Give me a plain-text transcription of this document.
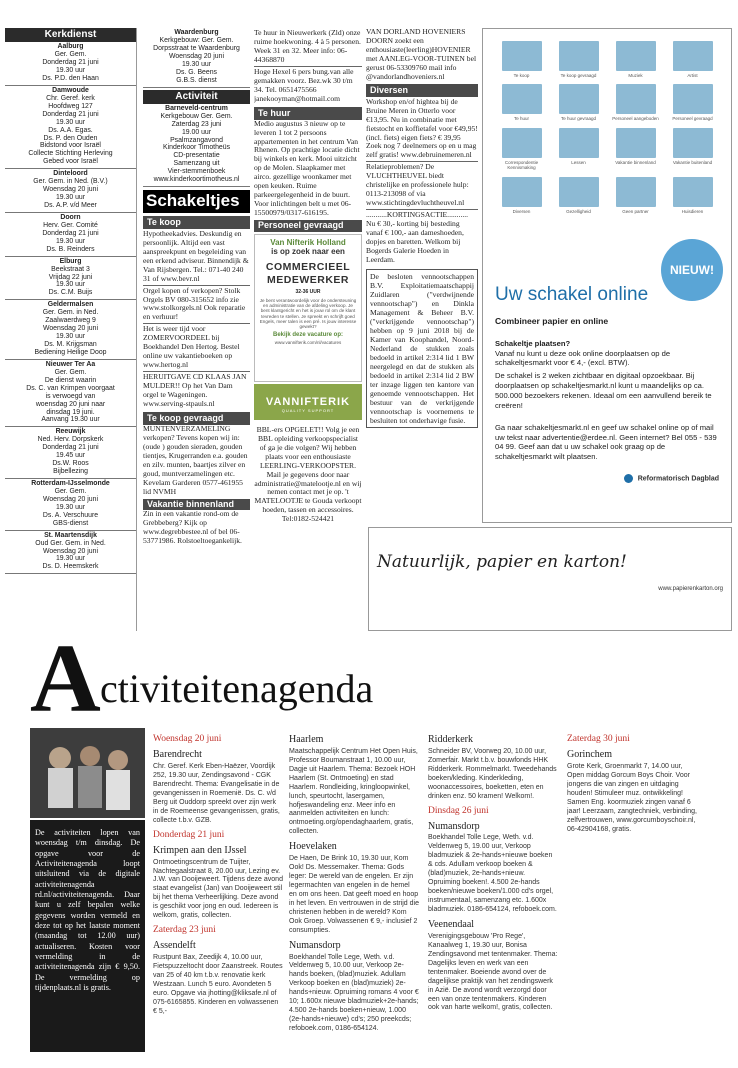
Kerkdienst
Aalburg
Ger. Gem.
Donderdag 21 juni
19.30 uur
Ds. P.D. den Haan
Damwoude
Chr. Geref. kerk
Hoofdweg 127
Donderdag 21 juni
19.30 uur
Ds. A.A. Egas.
Ds. P. den Ouden
Bidstond voor Israël
Collecte Stichting Herleving
Gebed voor Israël
Dinteloord
Ger. Gem. in Ned. (B.V.)
Woensdag 20 juni
19.30 uur
Ds. A.P. v/d Meer
Doorn
Herv. Ger. Comité
Donderdag 21 juni
19.30 uur
Ds. B. Reinders
Elburg
Beekstraat 3
Vrijdag 22 juni
19.30 uur
Ds. C.M. Buijs
Geldermalsen
Ger. Gem. in Ned.
Zaalwaerdweg 9
Woensdag 20 juni
19.30 uur
Ds. M. Krijgsman
Bediening Heilige Doop
Nieuwer Ter Aa
Ger. Gem.
De dienst waarin
Ds. C. van Krimpen voorgaat
is verwoegd van
woensdag 20 juni naar
dinsdag 19 juni.
Aanvang 19.30 uur
Reeuwijk
Ned. Herv. Dorpskerk
Donderdag 21 juni
19.45 uur
Ds.W. Roos
Bijbellezing
Rotterdam-IJsselmonde
Ger. Gem.
Woensdag 20 juni
19.30 uur
Ds. A. Verschuure
GBS-dienst
St. Maartensdijk
Oud Ger. Gem. in Ned.
Woensdag 20 juni
19.30 uur
Ds. D. Heemskerk
Waardenburg
Kerkgebouw: Ger. Gem.
Dorpsstraat te Waardenburg
Woensdag 20 juni
19.30 uur
Ds. G. Beens
G.B.S. dienst
Activiteit
Barneveld-centrum
Kerkgebouw Ger. Gem.
Zaterdag 23 juni
19.00 uur
Psalmzangavond
Kinderkoor Timotheüs
CD-presentatie
Samenzang uit
Vier-stemmenboek
www.kinderkoortimotheus.nl
Schakeltjes
Te koop
Hypotheekadvies. Deskundig en persoonlijk. Altijd een vast aanspreekpunt en begeleiding van een erkend adviseur. Binnendijk & Van Rijsbergen. Tel.: 071-40 240 31 of www.bevr.nl
Orgel kopen of verkopen? Stolk Orgels BV 080-315652 info zie www.stolkorgels.nl Ook reparatie en verhuur!
Het is weer tijd voor ZOMERVOORDEEL bij Boekhandel Den Hertog. Bestel online uw vakantieboeken op www.hertog.nl
HERUITGAVE CD KLAAS JAN MULDER!! Op het Van Dam orgel te Wageningen. www.serving-stpauls.nl
Te koop gevraagd
MUNTENVERZAMELING verkopen? Tevens kopen wij in: (oude ) gouden sieraden, gouden tientjes, Krugerranden e.a. gouden en zilv. munten, baartjes zilver en goud, muntverzamelingen etc. Kevelam Garderen 0577-461955 lid NVMH
Vakantie binnenland
Zin in een vakantie rond-om de Grebbeberg? Kijk op www.degrebbestee.nl of bel 06-53771986. Rolstoeltoegankelijk.
Te huur in Nieuwerkerk (Zld) onze ruime hoekwoning. 4 à 5 personen. Week 31 en 32. Meer info: 06-44368870
Hoge Hexel 6 pers bung.van alle gemakken voorz. Bez.wk 30 t/m 34. Tel. 0651475566 janekooyman@hotmail.com
Te huur
Medio augustus 3 nieuw op te leveren 1 tot 2 persoons appartementen in het centrum Van Rhenen. Op prachtige locatie dicht bij winkels en kerk. Mooi uitzicht op de Molen. Slaapkamer met airco. gezellige woonkamer met open keuken. Ruime parkeergelegenheid in de buurt. Voor inlichtingen belt u met 06-15500979/0317-616195.
Personeel gevraagd
Van Nifterik Holland
is op zoek naar een
COMMERCIEEL
MEDEWERKER
32-36 UUR
Je bent verantwoordelijk voor de ondersteuning en administratie van de afdeling verkoop. Je bent klantgericht en het is jouw rol om de klant tevreden te stellen. Je spreekt en schrijft goed Engels, meer talen is een pré. Is jouw interesse gewekt?
Bekijk deze vacature op:
www.vannifterik.com/nl/vacatures
VANNIFTERIK
QUALITY SUPPORT
BBL-ers OPGELET!! Volg je een BBL opleiding verkoopspecialist of ga je die volgen? Wij hebben plaats voor een enthousiaste LEERLING-VERKOOPSTER. Mail je gegevens door naar administratie@matelootje.nl en wij nemen contact met je op. 't MATELOOTJE te Gouda verkoopt hoeden, tassen en accessoires. Tel:0182-524421
VAN DORLAND HOVENIERS DOORN zoekt een enthousiaste(leerling)HOVENIER met AANLEG-VOOR-TUINEN bel gerust 06-53309760 mail info @vandorlandhoveniers.nl
Diversen
Workshop en/of hightea bij de Bruine Meren in Otterlo voor €13,95. Nu in combinatie met fietstocht en koffietafel voor €49,95! (incl. fiets) eigen fiets? € 39,95 Zoek nog 7 deelnemers op en u mag zelf gratis! www.debruinemeren.nl
Relatieproblemen? De VLUCHTHEUVEL biedt christelijke en professionele hulp: 0113-213098 of via www.stichtingdevluchtheuvel.nl
...........KORTINGSACTIE........... Nu € 30,- korting bij besteding vanaf € 100,- aan dameshoeden, dopjes en baretten. Welkom bij Bogerds Galerie Hoeden in Leerdam.
De besloten vennootschappen B.V. Exploitatiemaatschappij Zuidlaren ("verdwijnende vennootschap") en Dinkla Management & Beheer B.V. ("verkrijgende vennootschap") hebben op 9 juni 2018 bij de Kamer van Koophandel, Noord-Nederland de stukken zoals bedoeld in artikel 2:314 lid 1 BW neergelegd en dat de stukken als bedoeld in artikel 2:314 lid 2 BW ter inzage liggen ten kantore van genoemde vennootschappen. Het bestuur van de verkrijgende vennootschap is voornemens te besluiten tot onderhavige fusie.
Te koop	Te koop gevraagd	Muziek	Artist
Te huur	Te huur gevraagd	Personeel aangeboden	Personeel gevraagd
Correspondentie Kennismaking
Lessen	Vakantie binnenland	Vakantie buitenland
Diversen	Gezelligheid	Geen partner	Huisdieren
NIEUW!
Uw schakel online
Combineer papier en online
Schakeltje plaatsen?
Vanaf nu kunt u deze ook online doorplaatsen op de schakeltjesmarkt voor € 4,- (excl. BTW).
De schakel is 2 weken zichtbaar en digitaal opzoekbaar. Bij doorplaatsen op schakeltjesmarkt.nl kunt u maandelijks op ca. 500.000 bezoekers rekenen. Ideaal om een aanvullend bereik te creëren!
Ga naar schakeltjesmarkt.nl en geef uw schakel online op of mail uw tekst naar advertentie@erdee.nl. Geen internet? Bel 055 - 539 04 99. Geef aan dat u uw schakel ook graag op de schakeltjesmarkt wilt plaatsen.
Reformatorisch Dagblad
Natuurlijk, papier en karton!
www.papierenkarton.org
A ctiviteitenagenda
De activiteiten lopen van woensdag t/m dinsdag. De opgave voor de Activiteitenagenda loopt uitsluitend via de digitale activiteitenagenda rd.nl/activiteitenagenda. Daar kunt u zelf bepalen welke gegevens worden vermeld en deze tot op het laatste moment (maandag tot 12.00 uur) actualiseren. Kosten voor vermelding in de activiteitenagenda zijn € 9,50. De vermelding op tijdenplaats.nl is gratis.
Woensdag 20 juni
Barendrecht
Chr. Geref. Kerk Eben-Haëzer, Voordijk 252, 19.30 uur, Zendingsavond - CGK Barendrecht. Thema: Evangelisatie in de gevangenissen in Roemenië. Ds. C. v/d Berg uit Ouddorp spreekt over zijn werk in de Roemeense gevangenissen, gratis, collecte t.b.v. GZB.
Donderdag 21 juni
Krimpen aan den IJssel
Ontmoetingscentrum de Tuijter, Nachtegaalstraat 8, 20.00 uur, Lezing ev. J.W. van Dooijeweert. Tijdens deze avond staat evangelist (Jan) van Dooijeweert stil bij het thema Verheerlijking. Deze avond is geschikt voor jong en oud. Iedereen is welkom, gratis, collecten.
Zaterdag 23 juni
Assendelft
Rustpunt Bax, Zeedijk 4, 10.00 uur, Fietspuzzeltocht door Zaanstreek. Routes van 25 of 40 km t.b.v. renovatie kerk Westzaan. Lunch 5 euro. Avondeten 5 euro. Opgave via jhotting@kliksafe.nl of 075-6165855. Kinderen en volwassenen € 5,-
Haarlem
Maatschappelijk Centrum Het Open Huis, Professor Boumanstraat 1, 10.00 uur, Dagje uit Haarlem. Thema: Bezoek HOH Haarlem (St. Ontmoeting) en stad Haarlem. Rondleiding, kringloopwinkel, lunch, speurtocht, lasergamen, hofjeswandeling enz. Meer info en aanmelden activiteiten en lunch: ontmoeting.org/opendaghaarlem, gratis, collecten.
Hoevelaken
De Haen, De Brink 10, 19.30 uur, Kom Ook! Ds. Messemaker. Thema: Gods leger: De wereld van de engelen. Er zijn legermachten van engelen in de hemel en om ons heen. Dat geeft moed en hoop in het leven. En vertrouwen in de strijd die christenen hebben in de wereld? Kom Ook Groep. Volwassenen € 9,- inclusief 2 consumpties.
Numansdorp
Boekhandel Tolle Lege, Weth. v.d. Veldenweg 5, 10.00 uur, Verkoop 2e-hands boeken, (blad)muziek. Adullam Verkoop boeken en (blad)muziek) 2e-hands+nieuw. Opruiming romans 4 voor € 10; 1.600x nieuwe bladmuziek+2e-hands; 4.500 2e-hands boeken+nieuw, 1.000 (2e-hands+nieuwe) cd's; 250 preekcds; refoboek.com, 0186-654124.
Ridderkerk
Schneider BV, Voorweg 20, 10.00 uur, Zomerfair. Markt t.b.v. bouwfonds HHK Ridderkerk. Rommelmarkt. Tweedehands boeken/kleding. Kinderkleding, woonaccessoires, boeketten, eten en drinken enz. 50 kramen! Welkom!.
Dinsdag 26 juni
Numansdorp
Boekhandel Tolle Lege, Weth. v.d. Veldenweg 5, 19.00 uur, Verkoop bladmuziek & 2e-hands+nieuwe boeken & cds. Adullam verkoop boeken & (blad)muziek, 2e-hands+nieuw. Opruiming boeken!. 4.500 2e-hands boeken/nieuwe boeken/1.000 cd's orgel, instrumentaal, samenzang etc. 1.600x bladmuziek. 0186-654124, refoboek.com.
Veenendaal
Verenigingsgebouw 'Pro Rege', Kanaalweg 1, 19.30 uur, Bonisa Zendingsavond met tentenmaker. Thema: Dagelijks leven en werk van een tentenmaker. Boeiende avond over de dagelijkse praktijk van het zendingswerk in Azië. De avond wordt verzorgd door een van onze tentenmakers. Kinderen ook van harte welkom!, gratis, collecten.
Zaterdag 30 juni
Gorinchem
Grote Kerk, Groenmarkt 7, 14.00 uur, Open middag Gorcum Boys Choir. Voor jongens die van zingen en uitdaging houden! Stimuleer muz. ontwikkeling! Samen Eng. koormuziek zingen vanaf 6 jaar! Leerzaam, zangtechniek, verbinding, zelfvertrouwen, www.gorcumboyschoir.nl, 06-42904168, gratis.
